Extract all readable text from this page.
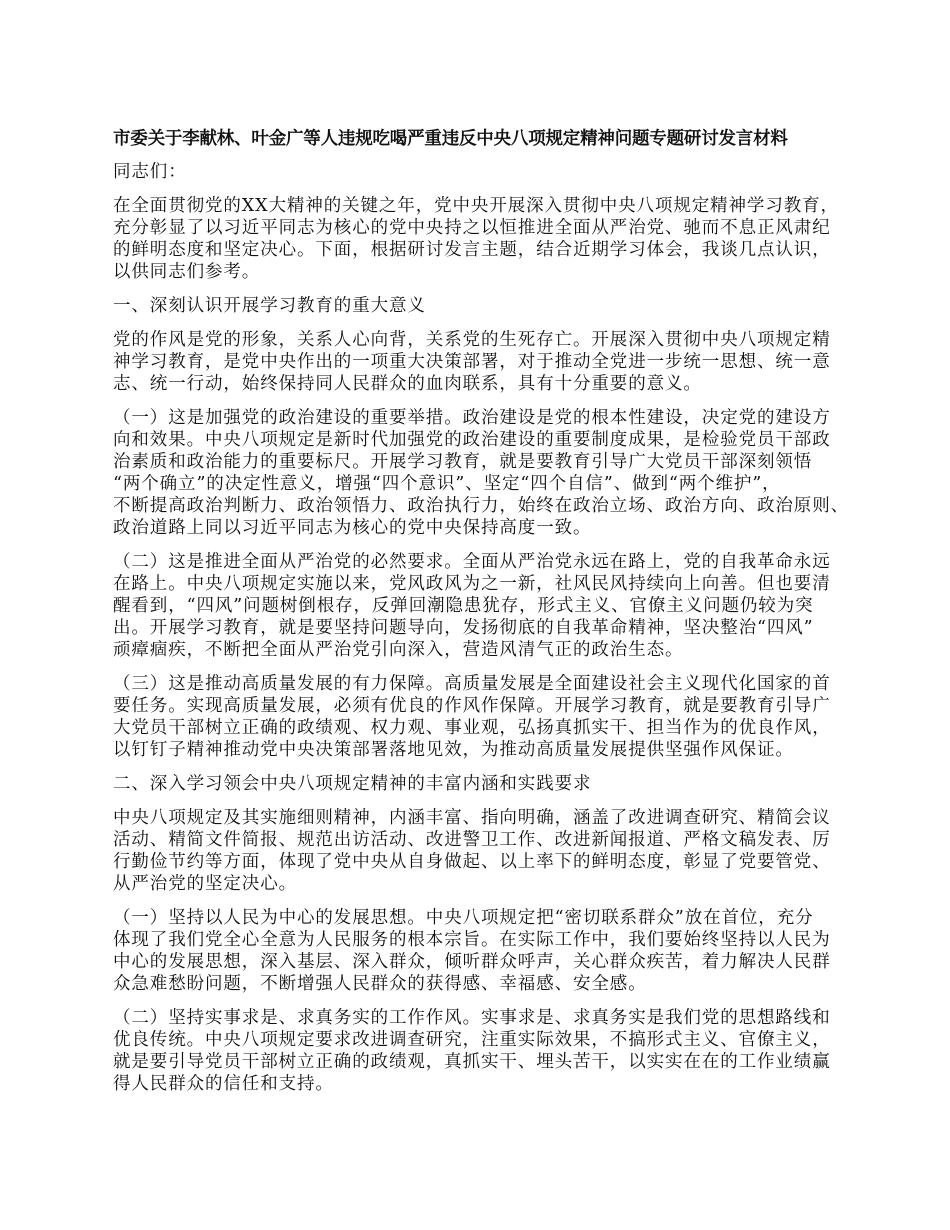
市委关于李献林、叶金广等人违规吃喝严重违反中央八项规定精神问题专题研讨发言材料
同志们：
在全面贯彻党的XX大精神的关键之年，党中央开展深入贯彻中央八项规定精神学习教育，
充分彰显了以习近平同志为核心的党中央持之以恒推进全面从严治党、驰而不息正风肃纪
的鲜明态度和坚定决心。下面，根据研讨发言主题，结合近期学习体会，我谈几点认识，
以供同志们参考。
一、深刻认识开展学习教育的重大意义
党的作风是党的形象，关系人心向背，关系党的生死存亡。开展深入贯彻中央八项规定精
神学习教育，是党中央作出的一项重大决策部署，对于推动全党进一步统一思想、统一意
志、统一行动，始终保持同人民群众的血肉联系，具有十分重要的意义。
（一）这是加强党的政治建设的重要举措。政治建设是党的根本性建设，决定党的建设方
向和效果。中央八项规定是新时代加强党的政治建设的重要制度成果，是检验党员干部政
治素质和政治能力的重要标尺。开展学习教育，就是要教育引导广大党员干部深刻领悟
“两个确立”的决定性意义，增强“四个意识”、坚定“四个自信”、做到“两个维护”，
不断提高政治判断力、政治领悟力、政治执行力，始终在政治立场、政治方向、政治原则、
政治道路上同以习近平同志为核心的党中央保持高度一致。
（二）这是推进全面从严治党的必然要求。全面从严治党永远在路上，党的自我革命永远
在路上。中央八项规定实施以来，党风政风为之一新，社风民风持续向上向善。但也要清
醒看到，“四风”问题树倒根存，反弹回潮隐患犹存，形式主义、官僚主义问题仍较为突
出。开展学习教育，就是要坚持问题导向，发扬彻底的自我革命精神，坚决整治“四风”
顽瘴痼疾，不断把全面从严治党引向深入，营造风清气正的政治生态。
（三）这是推动高质量发展的有力保障。高质量发展是全面建设社会主义现代化国家的首
要任务。实现高质量发展，必须有优良的作风作保障。开展学习教育，就是要教育引导广
大党员干部树立正确的政绩观、权力观、事业观，弘扬真抓实干、担当作为的优良作风，
以钉钉子精神推动党中央决策部署落地见效，为推动高质量发展提供坚强作风保证。
二、深入学习领会中央八项规定精神的丰富内涵和实践要求
中央八项规定及其实施细则精神，内涵丰富、指向明确，涵盖了改进调查研究、精简会议
活动、精简文件简报、规范出访活动、改进警卫工作、改进新闻报道、严格文稿发表、厉
行勤俭节约等方面，体现了党中央从自身做起、以上率下的鲜明态度，彰显了党要管党、
从严治党的坚定决心。
（一）坚持以人民为中心的发展思想。中央八项规定把“密切联系群众”放在首位，充分
体现了我们党全心全意为人民服务的根本宗旨。在实际工作中，我们要始终坚持以人民为
中心的发展思想，深入基层、深入群众，倾听群众呼声，关心群众疾苦，着力解决人民群
众急难愁盼问题，不断增强人民群众的获得感、幸福感、安全感。
（二）坚持实事求是、求真务实的工作作风。实事求是、求真务实是我们党的思想路线和
优良传统。中央八项规定要求改进调查研究，注重实际效果，不搞形式主义、官僚主义，
就是要引导党员干部树立正确的政绩观，真抓实干、埋头苦干，以实实在在的工作业绩赢
得人民群众的信任和支持。
